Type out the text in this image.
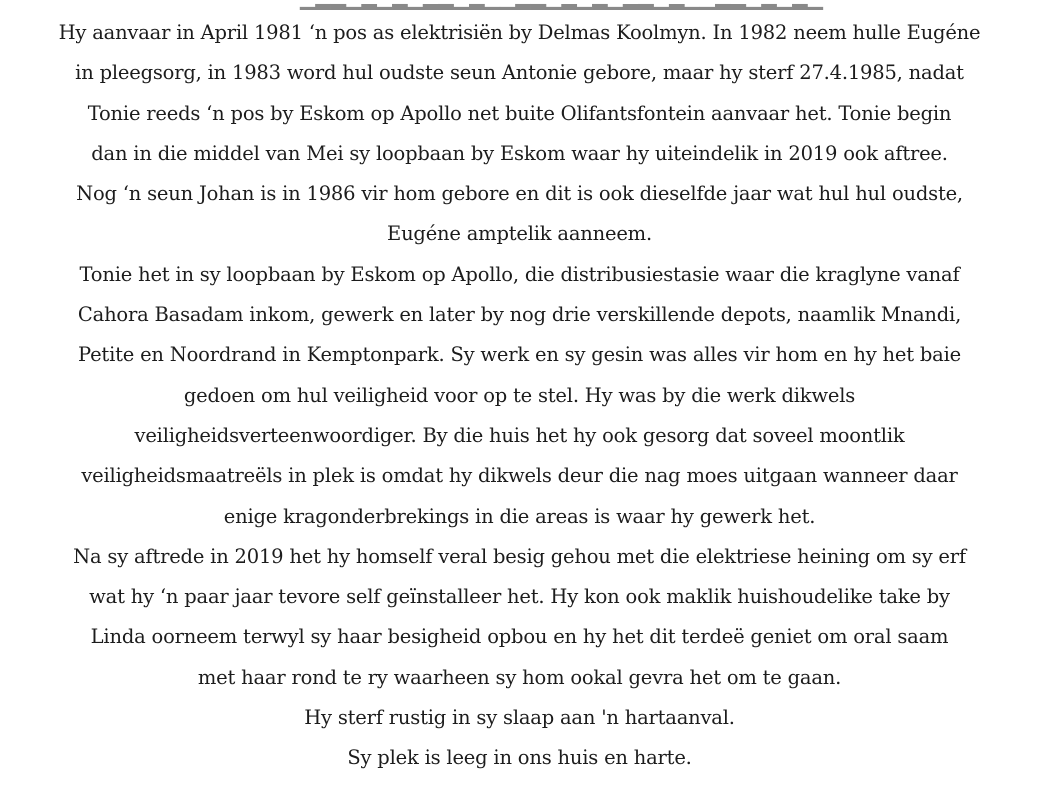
Hy aanvaar in April 1981 ‘n pos as elektrisiën by Delmas Koolmyn. In 1982 neem hulle Eugéne
in pleegsorg, in 1983 word hul oudste seun Antonie gebore, maar hy sterf 27.4.1985, nadat
Tonie reeds ‘n pos by Eskom op Apollo net buite Olifantsfontein aanvaar het. Tonie begin
dan in die middel van Mei sy loopbaan by Eskom waar hy uiteindelik in 2019 ook aftree.
Nog ‘n seun Johan is in 1986 vir hom gebore en dit is ook dieselfde jaar wat hul hul oudste,
Eugéne amptelik aanneem.
Tonie het in sy loopbaan by Eskom op Apollo, die distribusiestasie waar die kraglyne vanaf
Cahora Basadam inkom, gewerk en later by nog drie verskillende depots, naamlik Mnandi,
Petite en Noordrand in Kemptonpark. Sy werk en sy gesin was alles vir hom en hy het baie
gedoen om hul veiligheid voor op te stel. Hy was by die werk dikwels
veiligheidsverteenwoordiger. By die huis het hy ook gesorg dat soveel moontlik
veiligheidsmaatreëls in plek is omdat hy dikwels deur die nag moes uitgaan wanneer daar
enige kragonderbrekings in die areas is waar hy gewerk het.
Na sy aftrede in 2019 het hy homself veral besig gehou met die elektriese heining om sy erf
wat hy ‘n paar jaar tevore self geïnstalleer het. Hy kon ook maklik huishoudelike take by
Linda oorneem terwyl sy haar besigheid opbou en hy het dit terdeë geniet om oral saam
met haar rond te ry waarheen sy hom ookal gevra het om te gaan.
Hy sterf rustig in sy slaap aan 'n hartaanval.
Sy plek is leeg in ons huis en harte.
